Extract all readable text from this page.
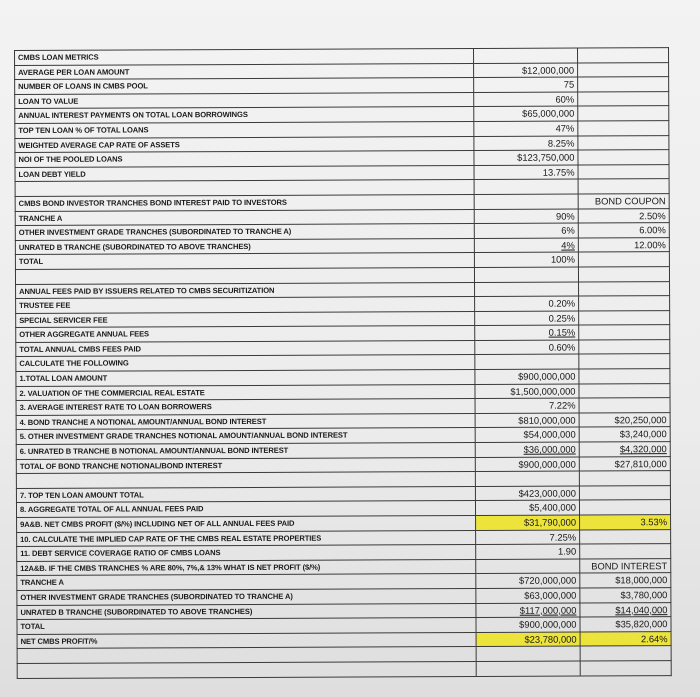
CMBS LOAN METRICS		
AVERAGE PER LOAN AMOUNT	$12,000,000	
NUMBER OF LOANS IN CMBS POOL	75	
LOAN TO VALUE	60%	
ANNUAL INTEREST PAYMENTS ON TOTAL LOAN BORROWINGS	$65,000,000	
TOP TEN LOAN % OF TOTAL LOANS	47%	
WEIGHTED AVERAGE CAP RATE OF ASSETS	8.25%	
NOI OF THE POOLED LOANS	$123,750,000	
LOAN DEBT YIELD	13.75%	

CMBS BOND INVESTOR TRANCHES BOND INTEREST PAID TO INVESTORS		BOND COUPON
TRANCHE A	90%	2.50%
OTHER INVESTMENT GRADE TRANCHES (SUBORDINATED TO TRANCHE A)	6%	6.00%
UNRATED B TRANCHE (SUBORDINATED TO ABOVE TRANCHES)	4%	12.00%
TOTAL	100%	

ANNUAL FEES PAID BY ISSUERS RELATED TO CMBS SECURITIZATION		
TRUSTEE FEE	0.20%	
SPECIAL SERVICER FEE	0.25%	
OTHER AGGREGATE ANNUAL FEES	0.15%	
TOTAL ANNUAL CMBS FEES PAID	0.60%	
CALCULATE THE FOLLOWING		
1.TOTAL LOAN AMOUNT	$900,000,000	
2. VALUATION OF THE COMMERCIAL REAL ESTATE	$1,500,000,000	
3. AVERAGE INTEREST RATE TO LOAN BORROWERS	7.22%	
4. BOND TRANCHE A NOTIONAL AMOUNT/ANNUAL BOND INTEREST	$810,000,000	$20,250,000
5. OTHER INVESTMENT GRADE TRANCHES NOTIONAL AMOUNT/ANNUAL BOND INTEREST	$54,000,000	$3,240,000
6. UNRATED B TRANCHE B NOTIONAL AMOUNT/ANNUAL BOND INTEREST	$36,000,000	$4,320,000
TOTAL OF BOND TRANCHE NOTIONAL/BOND INTEREST	$900,000,000	$27,810,000

7. TOP TEN LOAN AMOUNT TOTAL	$423,000,000	
8. AGGREGATE TOTAL OF ALL ANNUAL FEES PAID	$5,400,000	
9A&B. NET CMBS PROFIT ($/%) INCLUDING NET OF ALL ANNUAL FEES PAID	$31,790,000	3.53%
10. CALCULATE THE IMPLIED CAP RATE OF THE CMBS REAL ESTATE PROPERTIES	7.25%	
11. DEBT SERVICE COVERAGE RATIO OF CMBS LOANS	1.90	
12A&B. IF THE CMBS TRANCHES % ARE 80%, 7%,& 13% WHAT IS NET PROFIT ($/%)		BOND INTEREST
TRANCHE A	$720,000,000	$18,000,000
OTHER INVESTMENT GRADE TRANCHES (SUBORDINATED TO TRANCHE A)	$63,000,000	$3,780,000
UNRATED B TRANCHE (SUBORDINATED TO ABOVE TRANCHES)	$117,000,000	$14,040,000
TOTAL	$900,000,000	$35,820,000
NET CMBS PROFIT/%	$23,780,000	2.64%
